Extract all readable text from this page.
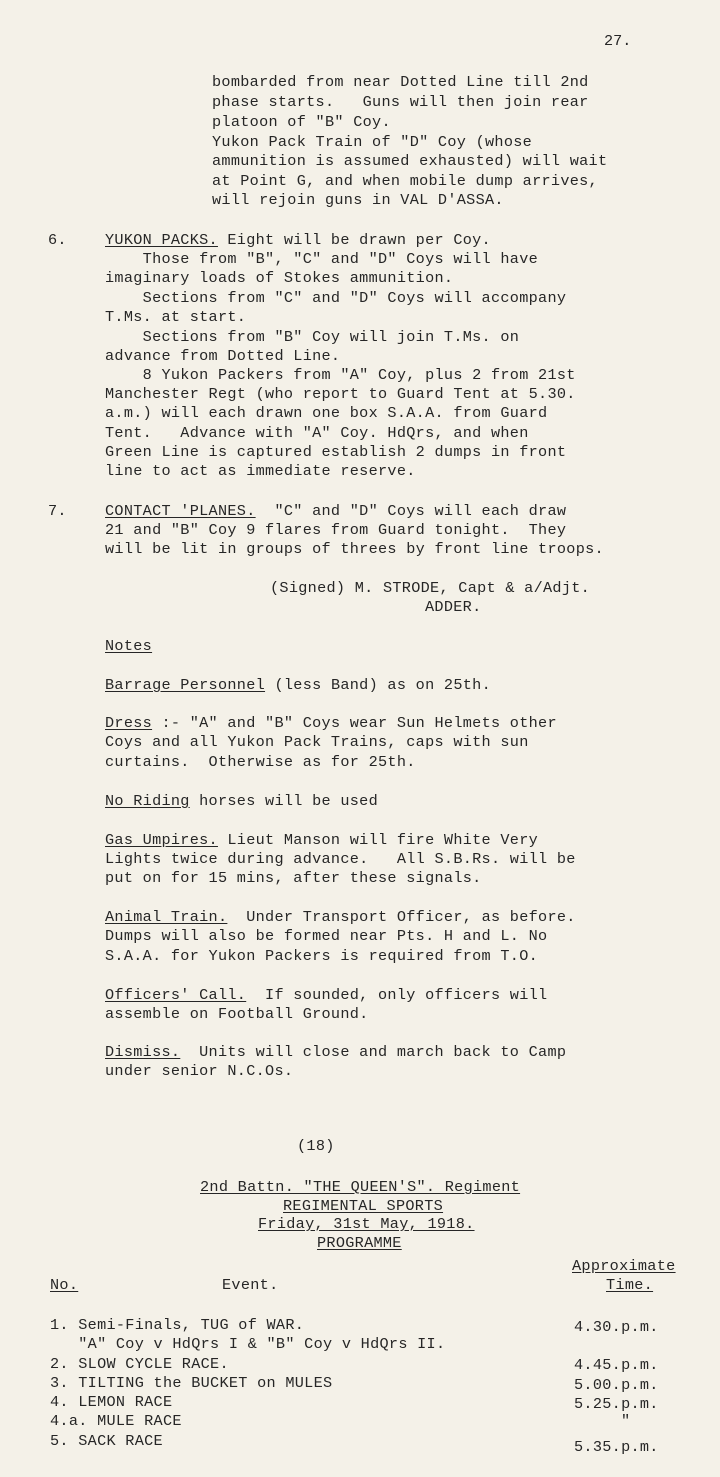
27.
bombarded from near Dotted Line till 2nd
phase starts.   Guns will then join rear
platoon of "B" Coy.
Yukon Pack Train of "D" Coy (whose
ammunition is assumed exhausted) will wait
at Point G, and when mobile dump arrives,
will rejoin guns in VAL D'ASSA.
6.	YUKON PACKS. Eight will be drawn per Coy.
Those from "B", "C" and "D" Coys will have
imaginary loads of Stokes ammunition.
Sections from "C" and "D" Coys will accompany
T.Ms. at start.
Sections from "B" Coy will join T.Ms. on
advance from Dotted Line.
8 Yukon Packers from "A" Coy, plus 2 from 21st
Manchester Regt (who report to Guard Tent at 5.30.
a.m.) will each drawn one box S.A.A. from Guard
Tent.   Advance with "A" Coy. HdQrs, and when
Green Line is captured establish 2 dumps in front
line to act as immediate reserve.
7.	CONTACT 'PLANES.  "C" and "D" Coys will each draw
21 and "B" Coy 9 flares from Guard tonight.  They
will be lit in groups of threes by front line troops.
(Signed) M. STRODE, Capt & a/Adjt.
ADDER.
Notes
Barrage Personnel (less Band) as on 25th.
Dress :- "A" and "B" Coys wear Sun Helmets other
Coys and all Yukon Pack Trains, caps with sun
curtains.  Otherwise as for 25th.
No Riding horses will be used
Gas Umpires. Lieut Manson will fire White Very
Lights twice during advance.   All S.B.Rs. will be
put on for 15 mins, after these signals.
Animal Train.  Under Transport Officer, as before.
Dumps will also be formed near Pts. H and L. No
S.A.A. for Yukon Packers is required from T.O.
Officers' Call.  If sounded, only officers will
assemble on Football Ground.
Dismiss.  Units will close and march back to Camp
under senior N.C.Os.
(18)
2nd Battn. "THE QUEEN'S". Regiment
REGIMENTAL SPORTS
Friday, 31st May, 1918.
PROGRAMME
Approximate
No.	Event.	Time.
1. Semi-Finals, TUG of WAR.	4.30.p.m.
"A" Coy v HdQrs I & "B" Coy v HdQrs II.
2. SLOW CYCLE RACE.	4.45.p.m.
3. TILTING the BUCKET on MULES	5.00.p.m.
4. LEMON RACE	5.25.p.m.
4.a. MULE RACE	"
5. SACK RACE	5.35.p.m.
